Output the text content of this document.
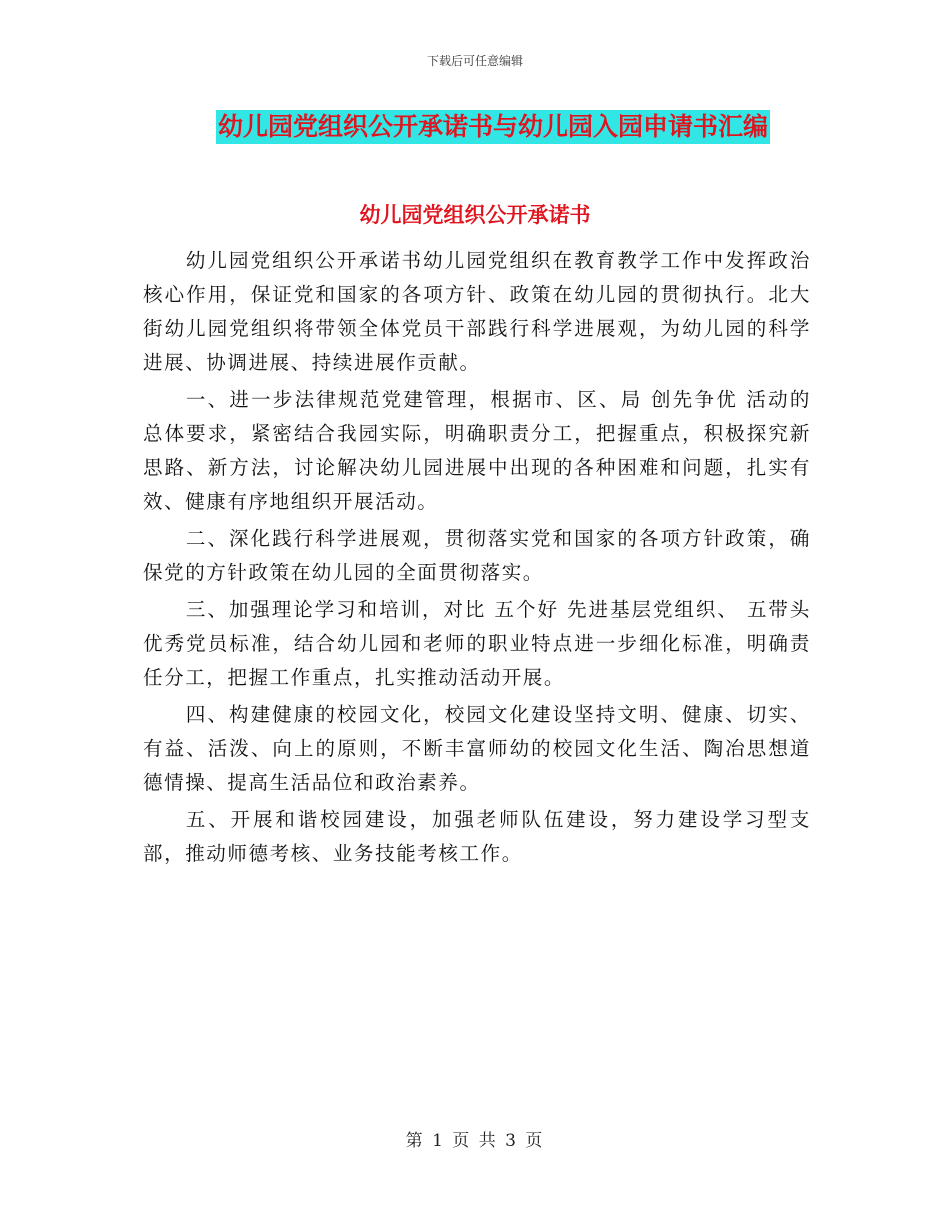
下载后可任意编辑
幼儿园党组织公开承诺书与幼儿园入园申请书汇编
幼儿园党组织公开承诺书

幼儿园党组织公开承诺书幼儿园党组织在教育教学工作中发挥政治核心作用，保证党和国家的各项方针、政策在幼儿园的贯彻执行。北大街幼儿园党组织将带领全体党员干部践行科学进展观，为幼儿园的科学进展、协调进展、持续进展作贡献。

一、进一步法律规范党建管理，根据市、区、局 创先争优 活动的总体要求，紧密结合我园实际，明确职责分工，把握重点，积极探究新思路、新方法，讨论解决幼儿园进展中出现的各种困难和问题，扎实有效、健康有序地组织开展活动。

二、深化践行科学进展观，贯彻落实党和国家的各项方针政策，确保党的方针政策在幼儿园的全面贯彻落实。

三、加强理论学习和培训，对比 五个好 先进基层党组织、 五带头 优秀党员标准，结合幼儿园和老师的职业特点进一步细化标准，明确责任分工，把握工作重点，扎实推动活动开展。

四、构建健康的校园文化，校园文化建设坚持文明、健康、切实、有益、活泼、向上的原则，不断丰富师幼的校园文化生活、陶冶思想道德情操、提高生活品位和政治素养。

五、开展和谐校园建设，加强老师队伍建设，努力建设学习型支部，推动师德考核、业务技能考核工作。

第 1 页 共 3 页
